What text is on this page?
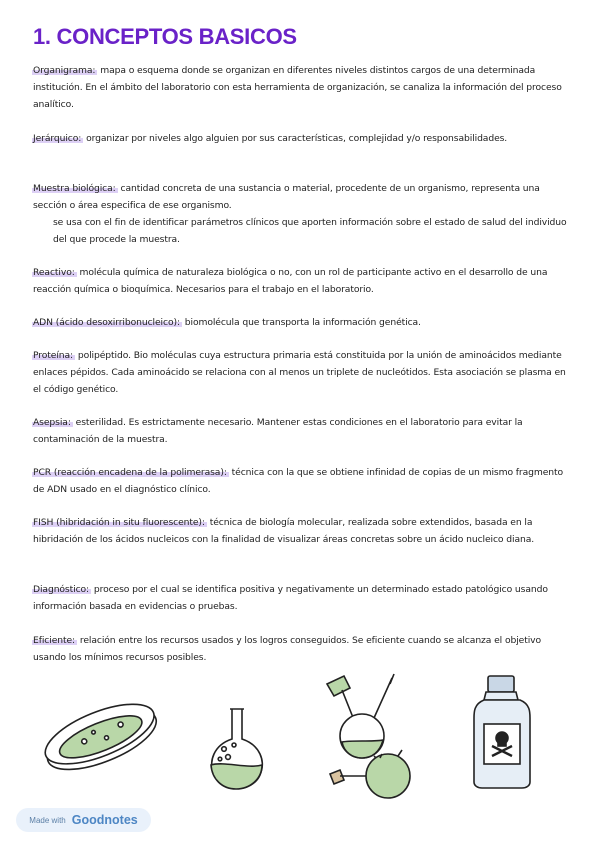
1. CONCEPTOS BASICOS
Organigrama: mapa o esquema donde se organizan en diferentes niveles distintos cargos de una determinada institución. En el ámbito del laboratorio con esta herramienta de organización, se canaliza la información del proceso analítico.
Jerárquico: organizar por niveles algo alguien por sus características, complejidad y/o responsabilidades.
Muestra biológica: cantidad concreta de una sustancia o material, procedente de un organismo, representa una sección o área especifica de ese organismo.
se usa con el fin de identificar parámetros clínicos que aporten información sobre el estado de salud del individuo del que procede la muestra.
Reactivo: molécula química de naturaleza biológica o no, con un rol de participante activo en el desarrollo de una reacción química o bioquímica. Necesarios para el trabajo en el laboratorio.
ADN (ácido desoxirribonucleico): biomolécula que transporta la información genética.
Proteína: polipéptido. Bio moléculas cuya estructura primaria está constituida por la unión de aminoácidos mediante enlaces pépidos. Cada aminoácido se relaciona con al menos un triplete de nucleótidos. Esta asociación se plasma en el código genético.
Asepsia: esterilidad. Es estrictamente necesario. Mantener estas condiciones en el laboratorio para evitar la contaminación de la muestra.
PCR (reacción encadena de la polimerasa): técnica con la que se obtiene infinidad de copias de un mismo fragmento de ADN usado en el diagnóstico clínico.
FISH (hibridación in situ fluorescente): técnica de biología molecular, realizada sobre extendidos, basada en la hibridación de los ácidos nucleicos con la finalidad de visualizar áreas concretas sobre un ácido nucleico diana.
Diagnóstico: proceso por el cual se identifica positiva y negativamente un determinado estado patológico usando información basada en evidencias o pruebas.
Eficiente: relación entre los recursos usados y los logros conseguidos. Se eficiente cuando se alcanza el objetivo usando los mínimos recursos posibles.
Made with Goodnotes
